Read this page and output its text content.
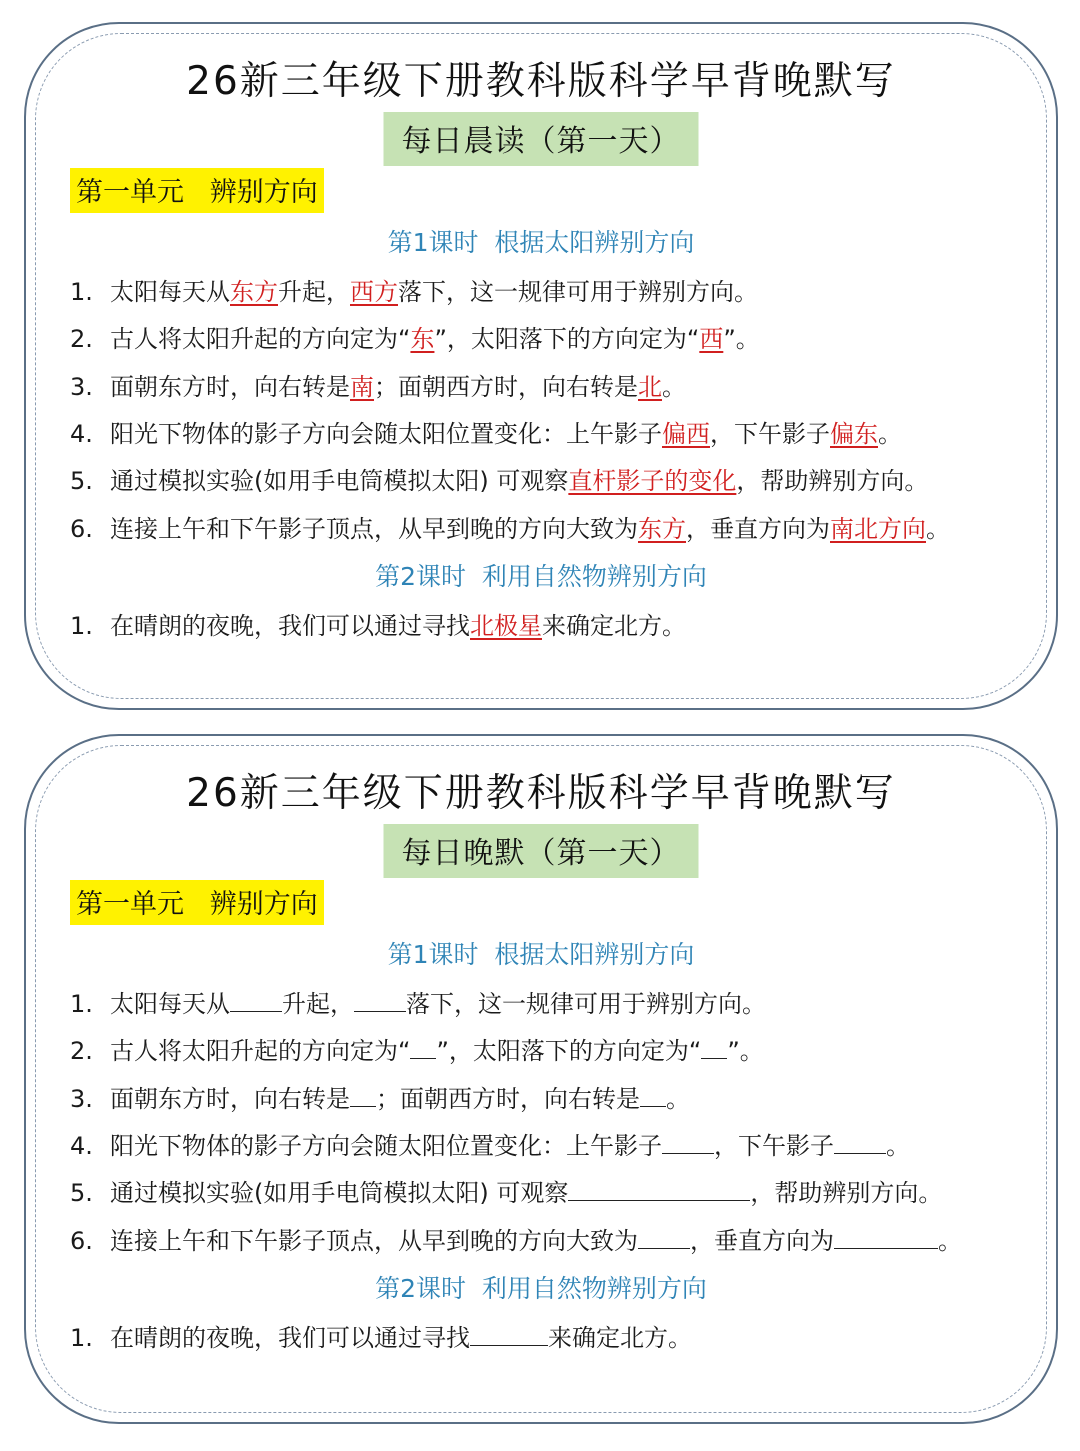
26新三年级下册教科版科学早背晚默写
每日晨读（第一天）
第一单元   辨别方向
第1课时  根据太阳辨别方向
1. 太阳每天从东方升起，西方落下，这一规律可用于辨别方向。
2. 古人将太阳升起的方向定为“东”，太阳落下的方向定为“西”。
3. 面朝东方时，向右转是南；面朝西方时，向右转是北。
4. 阳光下物体的影子方向会随太阳位置变化：上午影子偏西，下午影子偏东。
5. 通过模拟实验(如用手电筒模拟太阳) 可观察直杆影子的变化，帮助辨别方向。
6. 连接上午和下午影子顶点，从早到晚的方向大致为东方，垂直方向为南北方向。
第2课时  利用自然物辨别方向
1. 在晴朗的夜晚，我们可以通过寻找北极星来确定北方。
26新三年级下册教科版科学早背晚默写
每日晚默（第一天）
第一单元   辨别方向
第1课时  根据太阳辨别方向
1. 太阳每天从 升起， 落下，这一规律可用于辨别方向。
2. 古人将太阳升起的方向定为“ ”，太阳落下的方向定为“ ”。
3. 面朝东方时，向右转是 ；面朝西方时，向右转是 。
4. 阳光下物体的影子方向会随太阳位置变化：上午影子 ，下午影子 。
5. 通过模拟实验(如用手电筒模拟太阳) 可观察	，帮助辨别方向。
6. 连接上午和下午影子顶点，从早到晚的方向大致为 ，垂直方向为	。
第2课时  利用自然物辨别方向
1. 在晴朗的夜晚，我们可以通过寻找	来确定北方。
